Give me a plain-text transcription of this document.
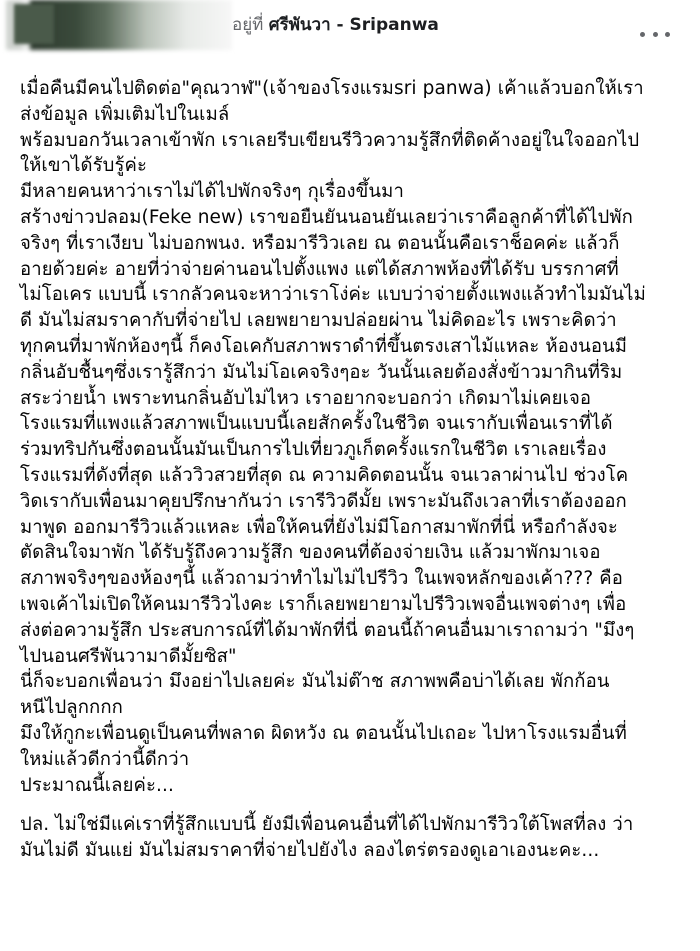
อยู่ที่ ศรีพันวา - Sripanwa
เมื่อคืนมีคนไปติดต่อ"คุณวาฬ"(เจ้าของโรงแรมsri panwa) เค้าแล้วบอกให้เรา
ส่งข้อมูล เพิ่มเติมไปในเมล์
พร้อมบอกวันเวลาเข้าพัก เราเลยรีบเขียนรีวิวความรู้สึกที่ติดค้างอยู่ในใจออกไป
ให้เขาได้รับรู้ค่ะ
มีหลายคนหาว่าเราไม่ได้ไปพักจริงๆ กุเรื่องขึ้นมา
สร้างข่าวปลอม(Feke new) เราขอยืนยันนอนยันเลยว่าเราคือลูกค้าที่ได้ไปพัก
จริงๆ ที่เราเงียบ ไม่บอกพนง. หรือมารีวิวเลย ณ ตอนนั้นคือเราช็อคค่ะ แล้วก็
อายด้วยค่ะ อายที่ว่าจ่ายค่านอนไปตั้งแพง แต่ได้สภาพห้องที่ได้รับ บรรกาศที่
ไม่โอเคร แบบนี้ เรากลัวคนจะหาว่าเราโง่ค่ะ แบบว่าจ่ายตั้งแพงแล้วทำไมมันไม่
ดี มันไม่สมราคากับที่จ่ายไป เลยพยายามปล่อยผ่าน ไม่คิดอะไร เพราะคิดว่า
ทุกคนที่มาพักห้องๆนี้ ก็คงโอเคกับสภาพราดำที่ขึ้นตรงเสาไม้แหละ ห้องนอนมี
กลิ่นอับชื้นๆซึ่งเรารู้สึกว่า มันไม่โอเคจริงๆอะ วันนั้นเลยต้องสั่งข้าวมากินที่ริม
สระว่ายน้ำ เพราะทนกลิ่นอับไม่ไหว เราอยากจะบอกว่า เกิดมาไม่เคยเจอ
โรงแรมที่แพงแล้วสภาพเป็นแบบนี้เลยสักครั้งในชีวิต จนเรากับเพื่อนเราที่ได้
ร่วมทริปกันซึ่งตอนนั้นมันเป็นการไปเที่ยวภูเก็ตครั้งแรกในชีวิต เราเลยเรื่อง
โรงแรมที่ดังที่สุด แล้ววิวสวยที่สุด ณ ความคิดตอนนั้น จนเวลาผ่านไป ช่วงโค
วิดเรากับเพื่อนมาคุยปรึกษากันว่า เรารีวิวดีมั้ย เพราะมันถึงเวลาที่เราต้องออก
มาพูด ออกมารีวิวแล้วแหละ เพื่อให้คนที่ยังไม่มีโอกาสมาพักที่นี่ หรือกำลังจะ
ตัดสินใจมาพัก ได้รับรู้ถึงความรู้สึก ของคนที่ต้องจ่ายเงิน แล้วมาพักมาเจอ
สภาพจริงๆของห้องๆนี้ แล้วถามว่าทำไมไม่ไปรีวิว ในเพจหลักของเค้า??? คือ
เพจเค้าไม่เปิดให้คนมารีวิวไงคะ เราก็เลยพยายามไปรีวิวเพจอื่นเพจต่างๆ เพื่อ
ส่งต่อความรู้สึก ประสบการณ์ที่ได้มาพักที่นี่ ตอนนี้ถ้าคนอื่นมาเราถามว่า "มึงๆ
ไปนอนศรีพันวามาดีมั้ยซิส"
นี่ก็จะบอกเพื่อนว่า มึงอย่าไปเลยค่ะ มันไม่ต๊าช สภาพพคือบ่าได้เลย พักก้อน
หนีไปลูกกกก
มึงให้กูกะเพื่อนดูเป็นคนที่พลาด ผิดหวัง ณ ตอนนั้นไปเถอะ ไปหาโรงแรมอื่นที่
ใหม่แล้วดีกว่านี้ดีกว่า
ประมาณนี้เลยค่ะ...
ปล. ไม่ใช่มีแค่เราที่รู้สึกแบบนี้ ยังมีเพื่อนคนอื่นที่ได้ไปพักมารีวิวใต้โพสที่ลง ว่า
มันไม่ดี มันแย่ มันไม่สมราคาที่จ่ายไปยังไง ลองไตร่ตรองดูเอาเองนะคะ...
